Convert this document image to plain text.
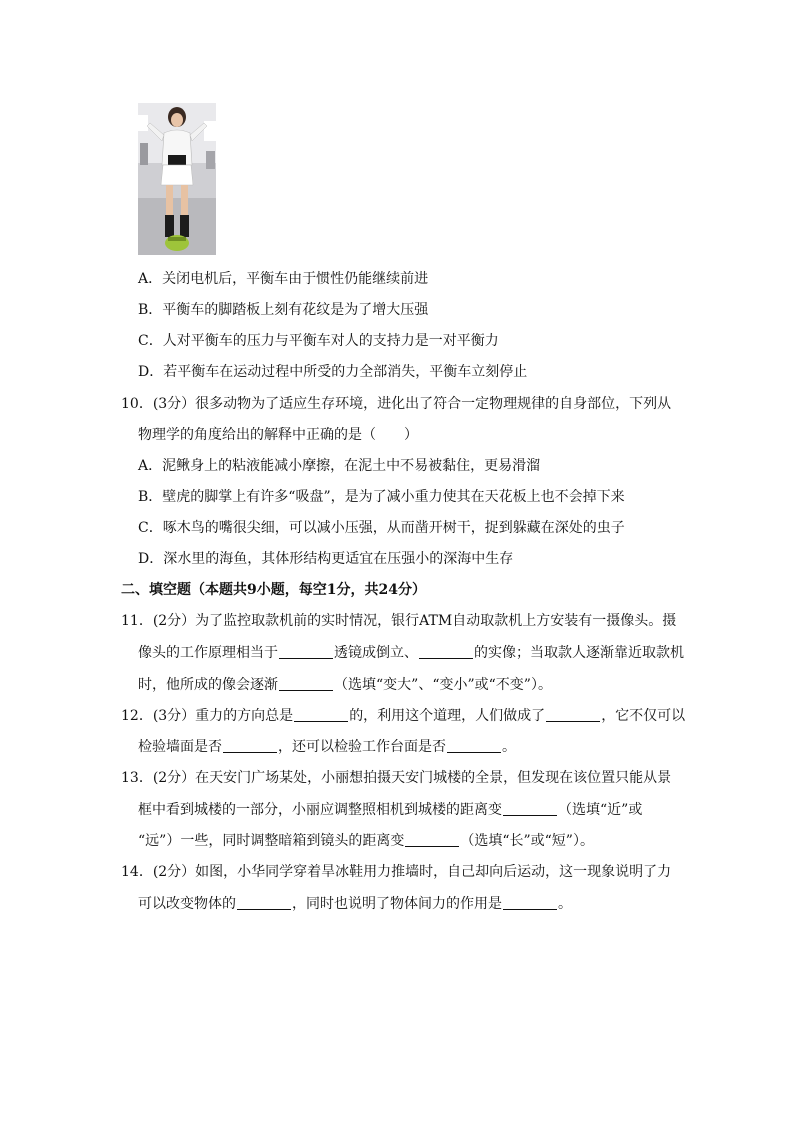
A．关闭电机后，平衡车由于惯性仍能继续前进
B．平衡车的脚踏板上刻有花纹是为了增大压强
C．人对平衡车的压力与平衡车对人的支持力是一对平衡力
D．若平衡车在运动过程中所受的力全部消失，平衡车立刻停止
10．(3分）很多动物为了适应生存环境，进化出了符合一定物理规律的自身部位，下列从
物理学的角度给出的解释中正确的是（　　）
A．泥鳅身上的粘液能减小摩擦，在泥土中不易被黏住，更易滑溜
B．壁虎的脚掌上有许多“吸盘”，是为了减小重力使其在天花板上也不会掉下来
C．啄木鸟的嘴很尖细，可以减小压强，从而凿开树干，捉到躲藏在深处的虫子
D．深水里的海鱼，其体形结构更适宜在压强小的深海中生存
二、填空题（本题共9小题，每空1分，共24分）
11．(2分）为了监控取款机前的实时情况，银行ATM自动取款机上方安装有一摄像头。摄
像头的工作原理相当于	透镜成倒立、	的实像；当取款人逐渐靠近取款机
时，他所成的像会逐渐	（选填“变大”、“变小”或“不变”）。
12．(3分）重力的方向总是	的，利用这个道理，人们做成了	，它不仅可以
检验墙面是否	，还可以检验工作台面是否	。
13．(2分）在天安门广场某处，小丽想拍摄天安门城楼的全景，但发现在该位置只能从景
框中看到城楼的一部分，小丽应调整照相机到城楼的距离变	（选填“近”或
“远”）一些，同时调整暗箱到镜头的距离变	（选填“长”或“短”）。
14．(2分）如图，小华同学穿着旱冰鞋用力推墙时，自己却向后运动，这一现象说明了力
可以改变物体的	，同时也说明了物体间力的作用是	。
